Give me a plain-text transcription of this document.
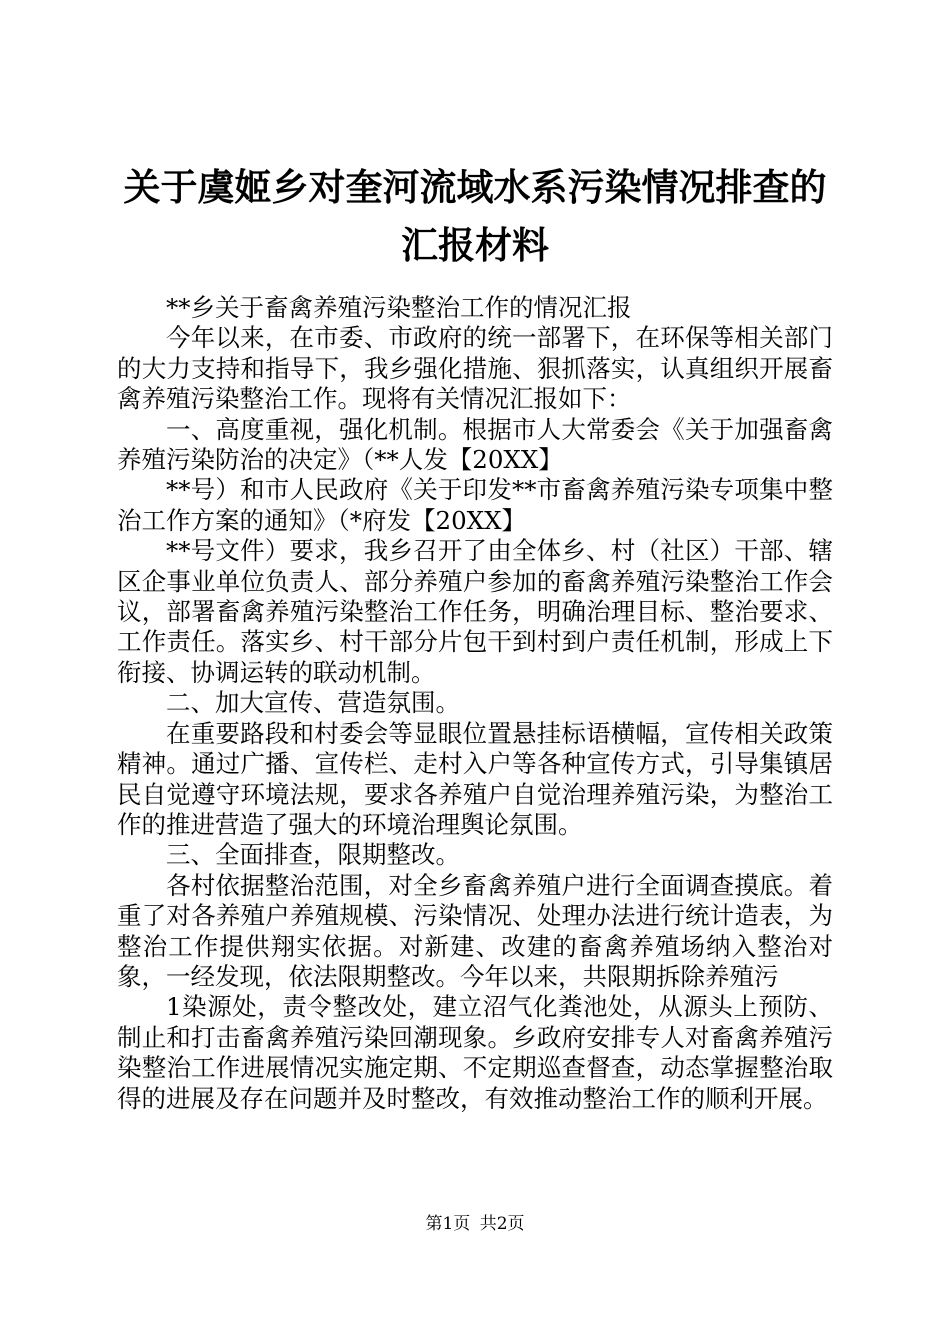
关于虞姬乡对奎河流域水系污染情况排查的汇报材料

**乡关于畜禽养殖污染整治工作的情况汇报

今年以来，在市委、市政府的统一部署下，在环保等相关部门的大力支持和指导下，我乡强化措施、狠抓落实，认真组织开展畜禽养殖污染整治工作。现将有关情况汇报如下：

一、高度重视，强化机制。根据市人大常委会《关于加强畜禽养殖污染防治的决定》（**人发【20XX】

**号）和市人民政府《关于印发**市畜禽养殖污染专项集中整治工作方案的通知》（*府发【20XX】

**号文件）要求，我乡召开了由全体乡、村（社区）干部、辖区企事业单位负责人、部分养殖户参加的畜禽养殖污染整治工作会议，部署畜禽养殖污染整治工作任务，明确治理目标、整治要求、工作责任。落实乡、村干部分片包干到村到户责任机制，形成上下衔接、协调运转的联动机制。

二、加大宣传、营造氛围。

在重要路段和村委会等显眼位置悬挂标语横幅，宣传相关政策精神。通过广播、宣传栏、走村入户等各种宣传方式，引导集镇居民自觉遵守环境法规，要求各养殖户自觉治理养殖污染，为整治工作的推进营造了强大的环境治理舆论氛围。

三、全面排查，限期整改。

各村依据整治范围，对全乡畜禽养殖户进行全面调查摸底。着重了对各养殖户养殖规模、污染情况、处理办法进行统计造表，为整治工作提供翔实依据。对新建、改建的畜禽养殖场纳入整治对象，一经发现，依法限期整改。今年以来，共限期拆除养殖污

1染源处，责令整改处，建立沼气化粪池处，从源头上预防、制止和打击畜禽养殖污染回潮现象。乡政府安排专人对畜禽养殖污染整治工作进展情况实施定期、不定期巡查督查，动态掌握整治取得的进展及存在问题并及时整改，有效推动整治工作的顺利开展。

第1页 共2页
